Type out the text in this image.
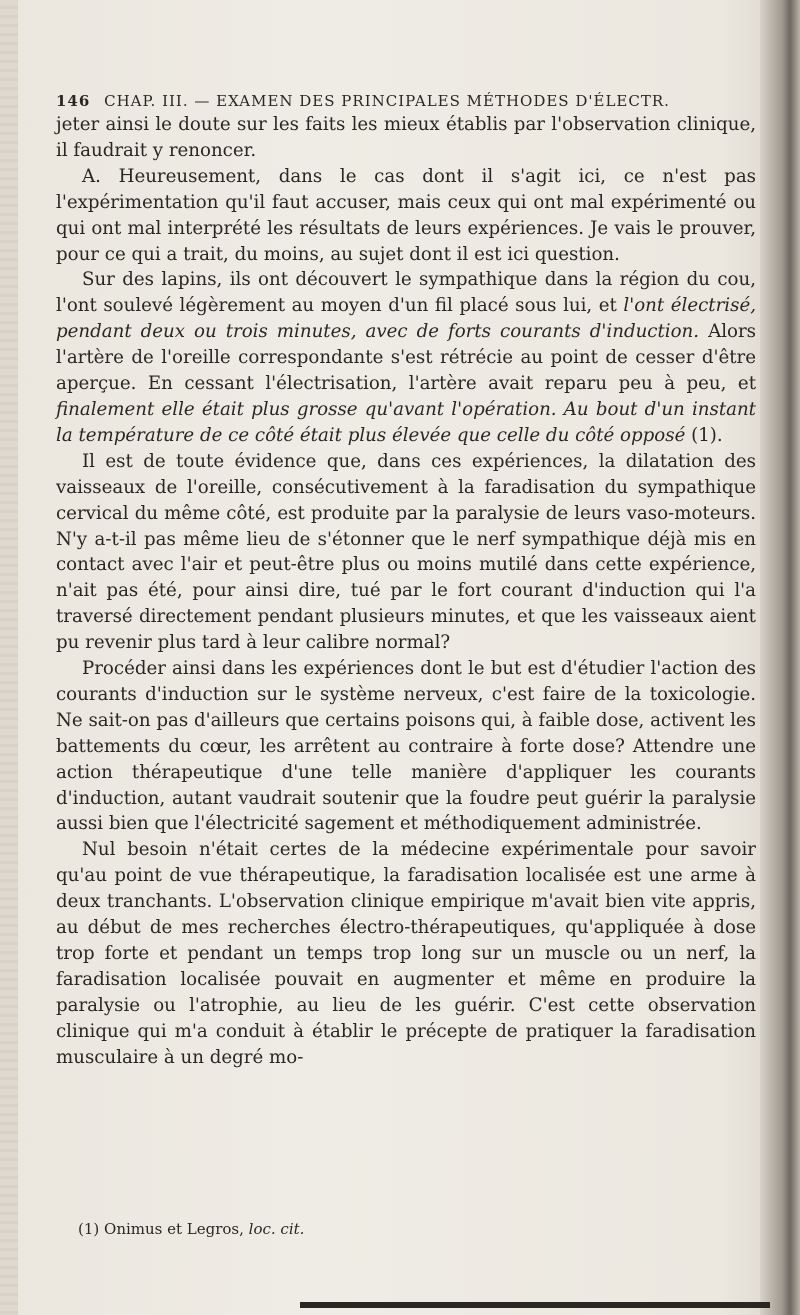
146 CHAP. III. — EXAMEN DES PRINCIPALES MÉTHODES D'ÉLECTR.

jeter ainsi le doute sur les faits les mieux établis par l'observation clinique, il faudrait y renoncer.

A. Heureusement, dans le cas dont il s'agit ici, ce n'est pas l'expérimentation qu'il faut accuser, mais ceux qui ont mal expérimenté ou qui ont mal interprété les résultats de leurs expériences. Je vais le prouver, pour ce qui a trait, du moins, au sujet dont il est ici question.

Sur des lapins, ils ont découvert le sympathique dans la région du cou, l'ont soulevé légèrement au moyen d'un fil placé sous lui, et l'ont électrisé, pendant deux ou trois minutes, avec de forts courants d'induction. Alors l'artère de l'oreille correspondante s'est rétrécie au point de cesser d'être aperçue. En cessant l'électrisation, l'artère avait reparu peu à peu, et finalement elle était plus grosse qu'avant l'opération. Au bout d'un instant la température de ce côté était plus élevée que celle du côté opposé (1).

Il est de toute évidence que, dans ces expériences, la dilatation des vaisseaux de l'oreille, consécutivement à la faradisation du sympathique cervical du même côté, est produite par la paralysie de leurs vaso-moteurs. N'y a-t-il pas même lieu de s'étonner que le nerf sympathique déjà mis en contact avec l'air et peut-être plus ou moins mutilé dans cette expérience, n'ait pas été, pour ainsi dire, tué par le fort courant d'induction qui l'a traversé directement pendant plusieurs minutes, et que les vaisseaux aient pu revenir plus tard à leur calibre normal?

Procéder ainsi dans les expériences dont le but est d'étudier l'action des courants d'induction sur le système nerveux, c'est faire de la toxicologie. Ne sait-on pas d'ailleurs que certains poisons qui, à faible dose, activent les battements du cœur, les arrêtent au contraire à forte dose? Attendre une action thérapeutique d'une telle manière d'appliquer les courants d'induction, autant vaudrait soutenir que la foudre peut guérir la paralysie aussi bien que l'électricité sagement et méthodiquement administrée.

Nul besoin n'était certes de la médecine expérimentale pour savoir qu'au point de vue thérapeutique, la faradisation localisée est une arme à deux tranchants. L'observation clinique empirique m'avait bien vite appris, au début de mes recherches électro-thérapeutiques, qu'appliquée à dose trop forte et pendant un temps trop long sur un muscle ou un nerf, la faradisation localisée pouvait en augmenter et même en produire la paralysie ou l'atrophie, au lieu de les guérir. C'est cette observation clinique qui m'a conduit à établir le précepte de pratiquer la faradisation musculaire à un degré mo-

(1) Onimus et Legros, loc. cit.
